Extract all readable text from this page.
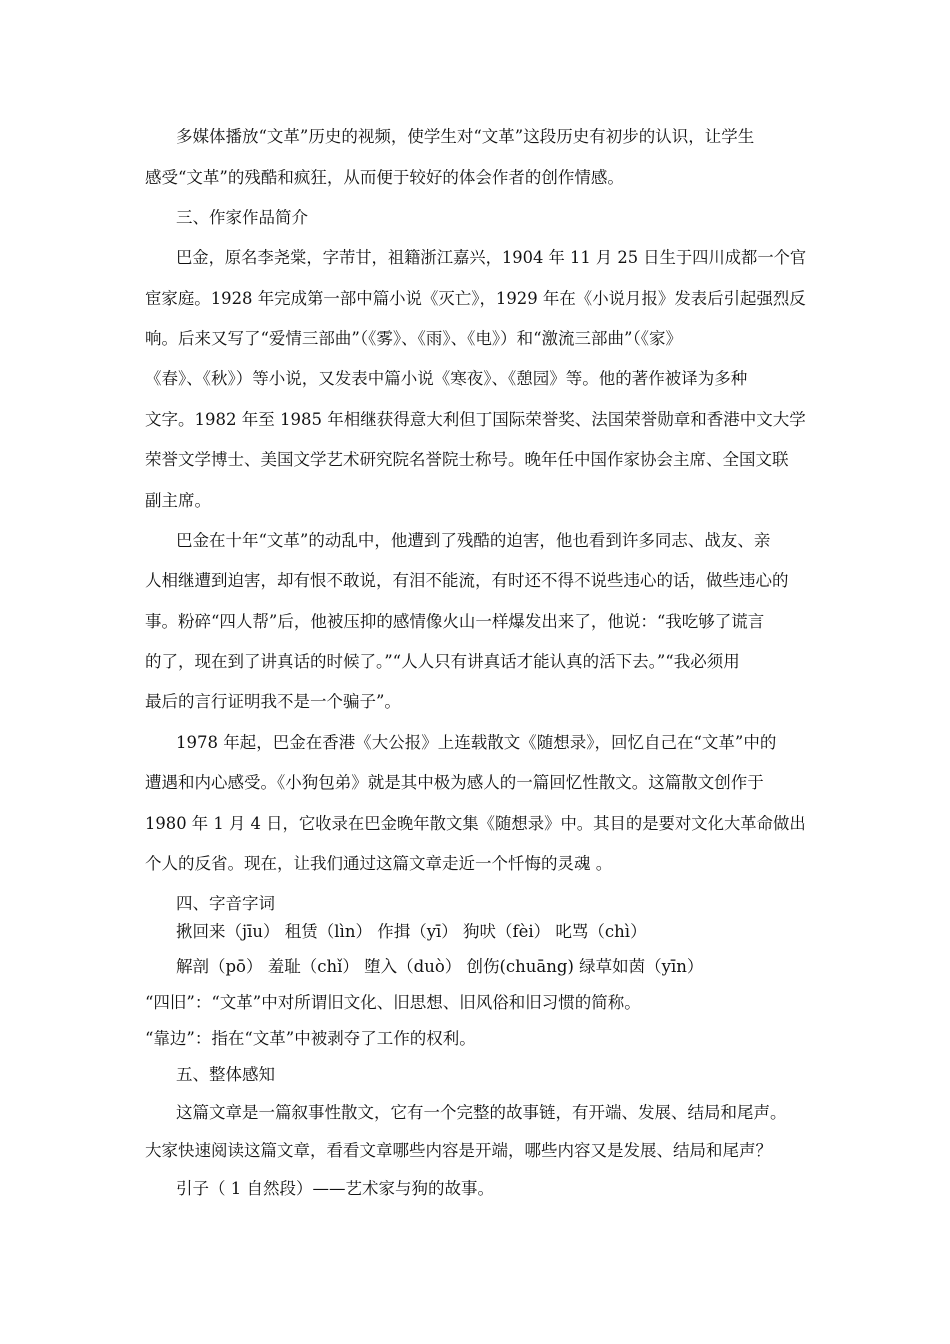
多媒体播放“文革”历史的视频，使学生对“文革”这段历史有初步的认识，让学生
感受“文革”的残酷和疯狂，从而便于较好的体会作者的创作情感。
三、作家作品简介
巴金，原名李尧棠，字芾甘，祖籍浙江嘉兴，1904 年 11 月 25 日生于四川成都一个官
宦家庭。1928 年完成第一部中篇小说《灭亡》，1929 年在《小说月报》发表后引起强烈反
响。后来又写了“爱情三部曲”（《雾》、《雨》、《电》）和“激流三部曲”（《家》
《春》、《秋》）等小说，又发表中篇小说《寒夜》、《憩园》等。他的著作被译为多种
文字。1982 年至 1985 年相继获得意大利但丁国际荣誉奖、法国荣誉勋章和香港中文大学
荣誉文学博士、美国文学艺术研究院名誉院士称号。晚年任中国作家协会主席、全国文联
副主席。
巴金在十年“文革”的动乱中，他遭到了残酷的迫害，他也看到许多同志、战友、亲
人相继遭到迫害，却有恨不敢说，有泪不能流，有时还不得不说些违心的话，做些违心的
事。粉碎“四人帮”后，他被压抑的感情像火山一样爆发出来了，他说：“我吃够了谎言
的了，现在到了讲真话的时候了。”“人人只有讲真话才能认真的活下去。”“我必须用
最后的言行证明我不是一个骗子”。
1978 年起，巴金在香港《大公报》上连载散文《随想录》，回忆自己在“文革”中的
遭遇和内心感受。《小狗包弟》就是其中极为感人的一篇回忆性散文。这篇散文创作于
1980 年 1 月 4 日，它收录在巴金晚年散文集《随想录》中。其目的是要对文化大革命做出
个人的反省。现在，让我们通过这篇文章走近一个忏悔的灵魂 。
四、字音字词
揪回来（jīu） 租赁（lìn） 作揖（yī） 狗吠（fèi） 叱骂（chì）
解剖（pō） 羞耻（chǐ） 堕入（duò） 创伤(chuāng) 绿草如茵（yīn）
“四旧”：“文革”中对所谓旧文化、旧思想、旧风俗和旧习惯的简称。
“靠边”：指在“文革”中被剥夺了工作的权利。
五、整体感知
这篇文章是一篇叙事性散文，它有一个完整的故事链，有开端、发展、结局和尾声。
大家快速阅读这篇文章，看看文章哪些内容是开端，哪些内容又是发展、结局和尾声？
引子（ 1 自然段）——艺术家与狗的故事。
